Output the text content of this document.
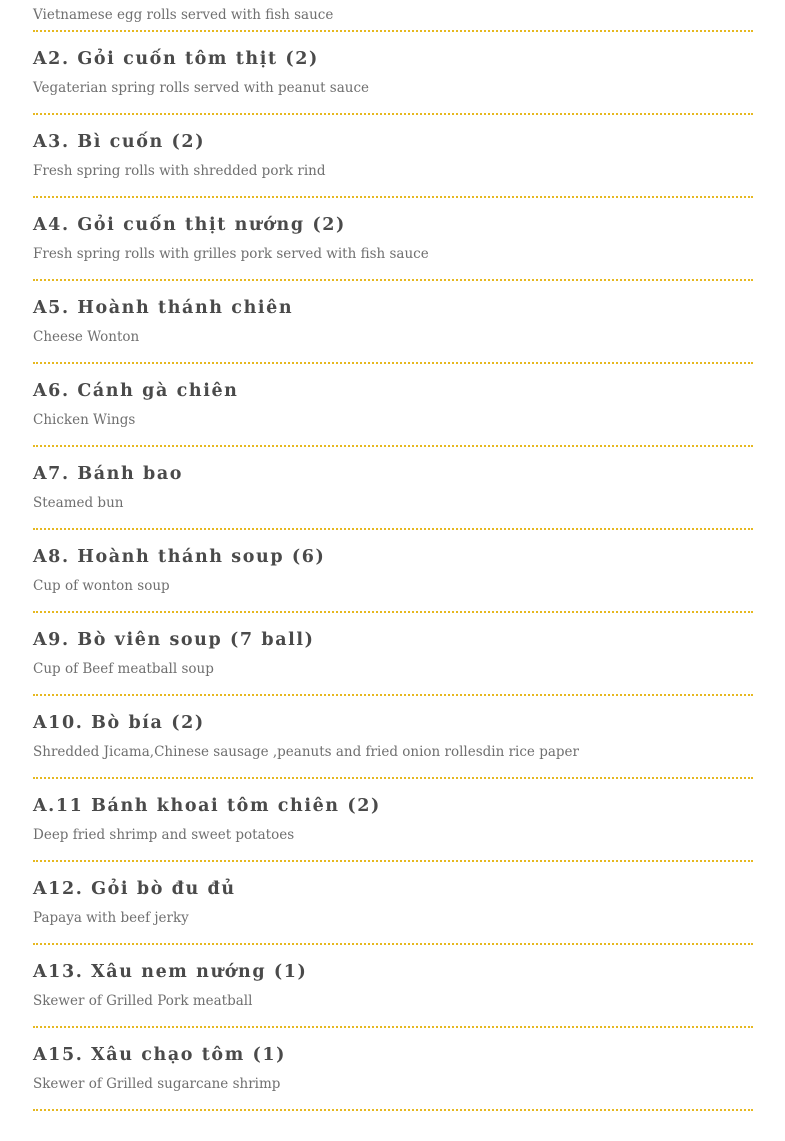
Vietnamese egg rolls served with fish sauce
A2. Gỏi cuốn tôm thịt (2)
Vegaterian spring rolls served with peanut sauce
A3. Bì cuốn (2)
Fresh spring rolls with shredded pork rind
A4. Gỏi cuốn thịt nướng (2)
Fresh spring rolls with grilles pork served with fish sauce
A5. Hoành thánh chiên
Cheese Wonton
A6. Cánh gà chiên
Chicken Wings
A7. Bánh bao
Steamed bun
A8. Hoành thánh soup (6)
Cup of wonton soup
A9. Bò viên soup (7 ball)
Cup of Beef meatball soup
A10. Bò bía (2)
Shredded Jicama,Chinese sausage ,peanuts and fried onion rollesdin rice paper
A.11 Bánh khoai tôm chiên (2)
Deep fried shrimp and sweet potatoes
A12. Gỏi bò đu đủ
Papaya with beef jerky
A13. Xâu nem nướng (1)
Skewer of Grilled Pork meatball
A15. Xâu chạo tôm (1)
Skewer of Grilled sugarcane shrimp
